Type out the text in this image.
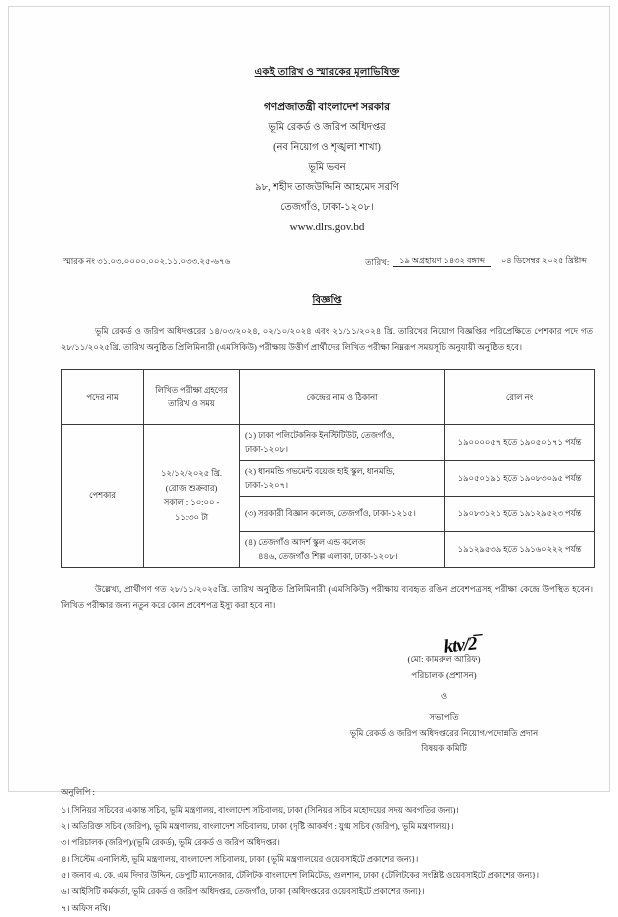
একই তারিখ ও স্মারকের মূলাভিষিক্ত
গণপ্রজাতন্ত্রী বাংলাদেশ সরকার
ভূমি রেকর্ড ও জরিপ অধিদপ্তর
(নব নিয়োগ ও শৃঙ্খলা শাখা)
ভূমি ভবন
৯৮, শহীদ তাজউদ্দিনি আহমেদ সরণি
তেজগাঁও, ঢাকা-১২০৮।
www.dlrs.gov.bd
স্মারক নং ৩১.০৩.০০০০.০০২.১১.০৩৩.২৫-৬৭৬	তারিখ:	১৯ অগ্রহায়ণ ১৪৩২ বঙ্গাব্দ ০৪ ডিসেম্বর ২০২৫ খ্রিষ্টাব্দ
বিজ্ঞপ্তি
ভূমি রেকর্ড ও জরিপ অধিদপ্তরের ১৪/০৩/২০২৪, ০২/১০/২০২৪ এবং ২১/১১/২০২৪ খ্রি. তারিখের নিয়োগ বিজ্ঞপ্তির পরিপ্রেক্ষিতে পেশকার পদে গত ২৮/১১/২০২৫খ্রি. তারিখ অনুষ্ঠিত প্রিলিমিনারী (এমসিকিউ) পরীক্ষায় উত্তীর্ণ প্রার্থীদের লিখিত পরীক্ষা নিম্নরূপ সময়সূচি অনুযায়ী অনুষ্ঠিত হবে।
পদের নাম	লিখিত পরীক্ষা গ্রহণের তারিখ ও সময়	কেন্দ্রের নাম ও ঠিকানা	রোল নং
পেশকার	১২/১২/২০২৫ খ্রি.
(রোজ শুক্রবার)
সকাল : ১০:০০ -
১১:৩০ টা	(১) ঢাকা পলিটেকনিক ইনস্টিটিউট, তেজগাঁও, ঢাকা-১২০৮।	১৯০০০০৫৭ হতে ১৯০৫০১৭১ পর্যন্ত
		(২) ধানমন্ডি গভমেন্ট বয়েজ হাই স্কুল, ধানমন্ডি, ঢাকা-১২০৭।	১৯০৫০১৯১ হতে ১৯০৮৩০৯৫ পর্যন্ত
		(৩) সরকারী বিজ্ঞান কলেজ, তেজগাঁও, ঢাকা-১২১৫।	১৯০৮৩১২১ হতে ১৯১২৯৫২৩ পর্যন্ত
		(৪) তেজগাঁও আদর্শ স্কুল এন্ড কলেজ
৪৪৬, তেজগাঁও শিল্প এলাকা, ঢাকা-১২০৮।	১৯১২৯৫৩৯ হতে ১৯১৬০২২২ পর্যন্ত
উল্লেখ্য, প্রার্থীগণ গত ২৮/১১/২০২৫খ্রি. তারিখ অনুষ্ঠিত প্রিলিমিনারী (এমসিকিউ) পরীক্ষায় ব্যবহৃত রঙিন প্রবেশপত্রসহ পরীক্ষা কেন্দ্রে উপস্থিত হবেন। লিখিত পরীক্ষার জন্য নতুন করে কোন প্রবেশপত্র ইস্যু করা হবে না।
ktv/2̅
(মো: কামরুল আরিফ)
পরিচালক (প্রশাসন)
ও
সভাপতি
ভূমি রেকর্ড ও জরিপ অধিদপ্তরের নিয়োগ/পদোন্নতি প্রদান
বিষয়ক কমিটি
অনুলিপি :
১। সিনিয়র সচিবের একান্ত সচিব, ভূমি মন্ত্রণালয়, বাংলাদেশ সচিবালয়, ঢাকা (সিনিয়র সচিব মহোদয়ের সদয় অবগতির জন্য)।
২। অতিরিক্ত সচিব (জরিপ), ভূমি মন্ত্রণালয়, বাংলাদেশ সচিবালয়, ঢাকা {দৃষ্টি আকর্ষণ : যুগ্ম সচিব (জরিপ), ভূমি মন্ত্রণালয়}।
৩। পরিচালক (জরিপ)/(ভূমি রেকর্ড), ভূমি রেকর্ড ও জরিপ অধিদপ্তর।
৪। সিস্টেম এনালিস্ট, ভূমি মন্ত্রণালয়, বাংলাদেশ সচিবালয়, ঢাকা {ভূমি মন্ত্রণালয়ের ওয়েবসাইটে প্রকাশের জন্য}।
৫। জনাব এ. কে. এম দিদার উদ্দিন, ডেপুটি ম্যানেজার, টেলিটক বাংলাদেশ লিমিটেড, গুলশান, ঢাকা {টেলিটকের সংশ্লিষ্ট ওয়েবসাইটে প্রকাশের জন্য}।
৬। আইসিটি কর্মকর্তা, ভূমি রেকর্ড ও জরিপ অধিদপ্তর, তেজগাঁও, ঢাকা {অধিদপ্তরের ওয়েবসাইটে প্রকাশের জন্য}।
৭। অফিস নথি।
